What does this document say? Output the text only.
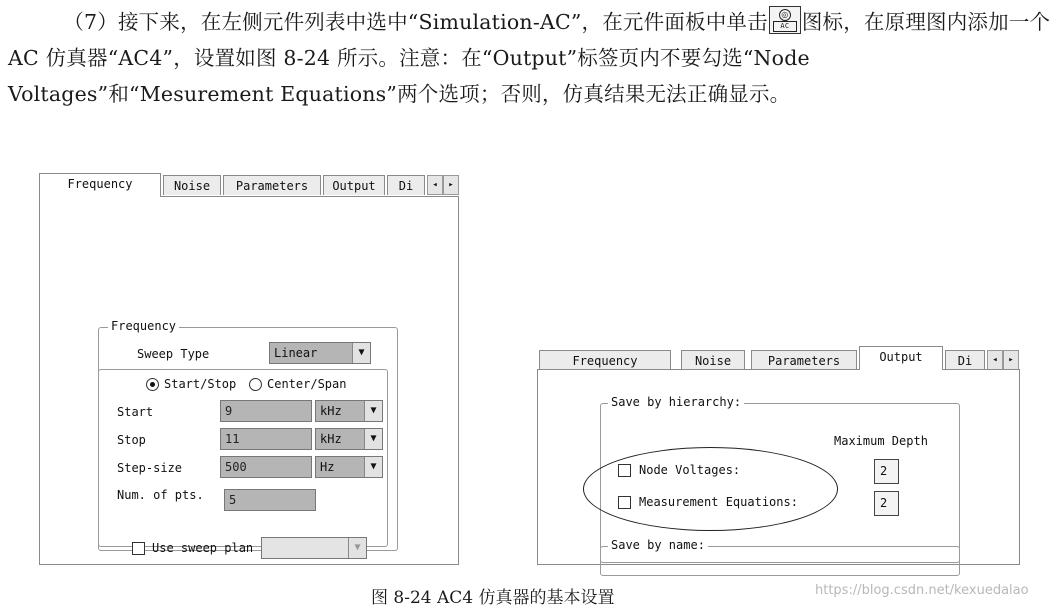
（7）接下来，在左侧元件列表中选中“Simulation-AC”，在元件面板中单击	◎
AC 图标，在原理图内添加一个 AC 仿真器“AC4”，设置如图 8-24 所示。注意：在“Output”标签页内不要勾选“Node Voltages”和“Mesurement Equations”两个选项；否则，仿真结果无法正确显示。
Frequency	Noise	Parameters	Output	Di	◂	▸
Frequency
Sweep Type	Linear	▼
Start/Stop	Center/Span
Start	9	kHz	▼
Stop	11	kHz	▼
Step-size	500	Hz	▼
Num. of pts.	5
Use sweep plan	▼
Frequency	Noise	Parameters	Output	Di	◂	▸
Save by hierarchy:
Maximum Depth
Node Voltages:	2
Measurement Equations:	2
Save by name:
图 8-24 AC4 仿真器的基本设置	https://blog.csdn.net/kexuedalao
